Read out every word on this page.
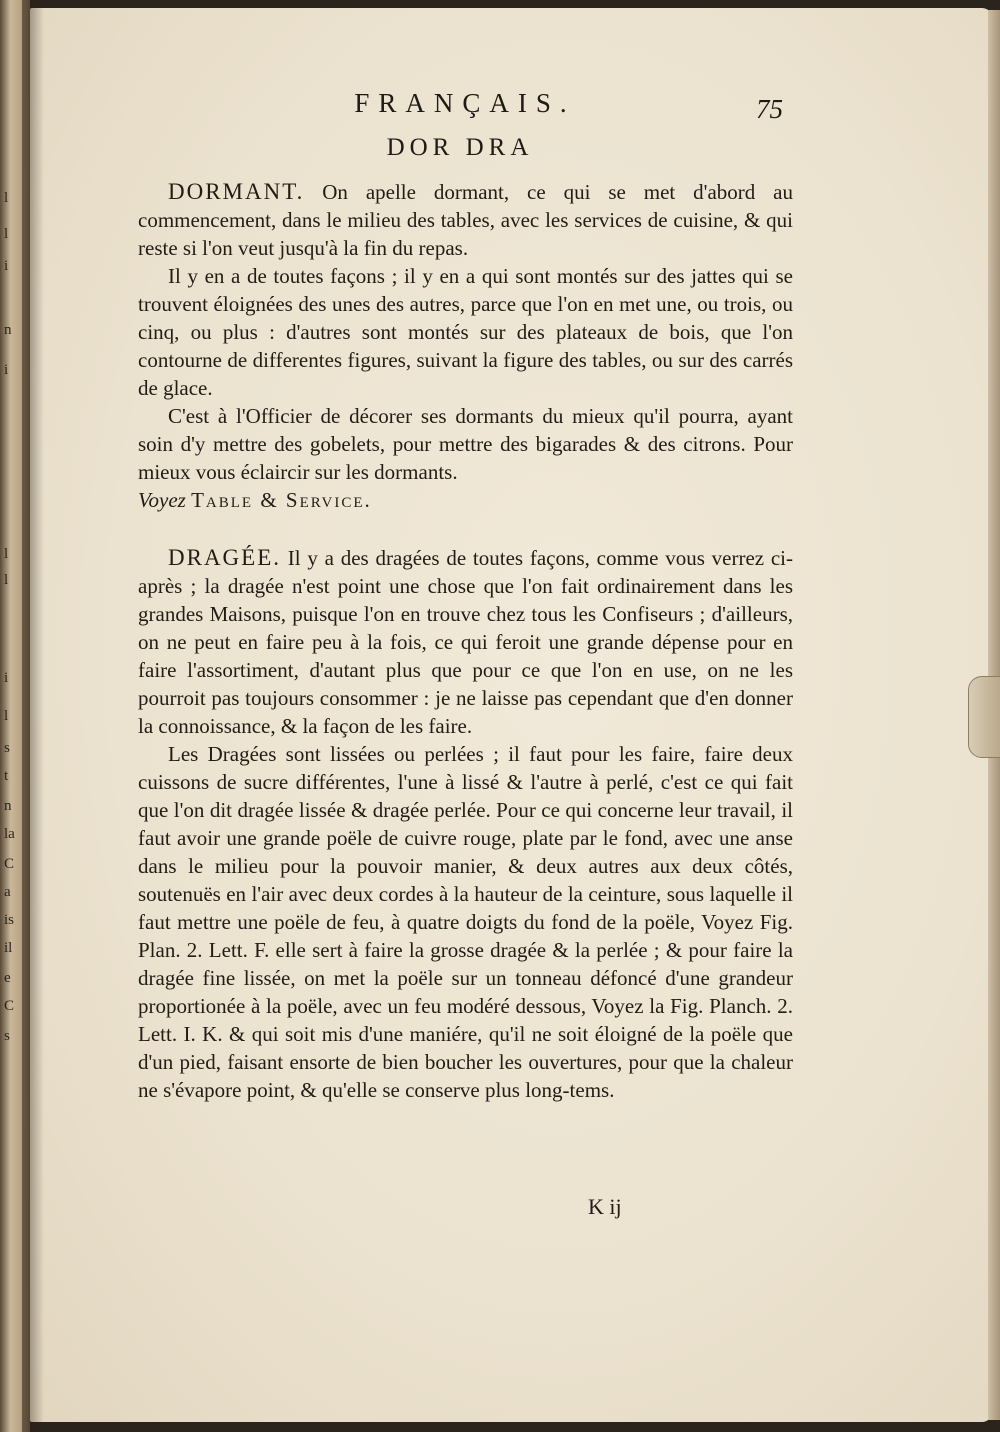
l
l
i
n
i
l
l
i
l
s
t
n
la
C
a
is
il
e
C
s
FRANÇAIS.	75
DOR DRA

DORMANT. On apelle dormant, ce qui se met d'abord au commencement, dans le milieu des tables, avec les services de cuisine, & qui reste si l'on veut jusqu'à la fin du repas.

Il y en a de toutes façons ; il y en a qui sont montés sur des jattes qui se trouvent éloignées des unes des autres, parce que l'on en met une, ou trois, ou cinq, ou plus : d'autres sont montés sur des plateaux de bois, que l'on contourne de differentes figures, suivant la figure des tables, ou sur des carrés de glace.

C'est à l'Officier de décorer ses dormants du mieux qu'il pourra, ayant soin d'y mettre des gobelets, pour mettre des bigarades & des citrons. Pour mieux vous éclaircir sur les dormants.

Voyez Table & Service.

DRAGÉE. Il y a des dragées de toutes façons, comme vous verrez ci-après ; la dragée n'est point une chose que l'on fait ordinairement dans les grandes Maisons, puisque l'on en trouve chez tous les Confiseurs ; d'ailleurs, on ne peut en faire peu à la fois, ce qui feroit une grande dépense pour en faire l'assortiment, d'autant plus que pour ce que l'on en use, on ne les pourroit pas toujours consommer : je ne laisse pas cependant que d'en donner la connoissance, & la façon de les faire.

Les Dragées sont lissées ou perlées ; il faut pour les faire, faire deux cuissons de sucre différentes, l'une à lissé & l'autre à perlé, c'est ce qui fait que l'on dit dragée lissée & dragée perlée. Pour ce qui concerne leur travail, il faut avoir une grande poële de cuivre rouge, plate par le fond, avec une anse dans le milieu pour la pouvoir manier, & deux autres aux deux côtés, soutenuës en l'air avec deux cordes à la hauteur de la ceinture, sous laquelle il faut mettre une poële de feu, à quatre doigts du fond de la poële, Voyez Fig. Plan. 2. Lett. F. elle sert à faire la grosse dragée & la perlée ; & pour faire la dragée fine lissée, on met la poële sur un tonneau défoncé d'une grandeur proportionée à la poële, avec un feu modéré dessous, Voyez la Fig. Planch. 2. Lett. I. K. & qui soit mis d'une maniére, qu'il ne soit éloigné de la poële que d'un pied, faisant ensorte de bien boucher les ouvertures, pour que la chaleur ne s'évapore point, & qu'elle se conserve plus long-tems.

K ij
